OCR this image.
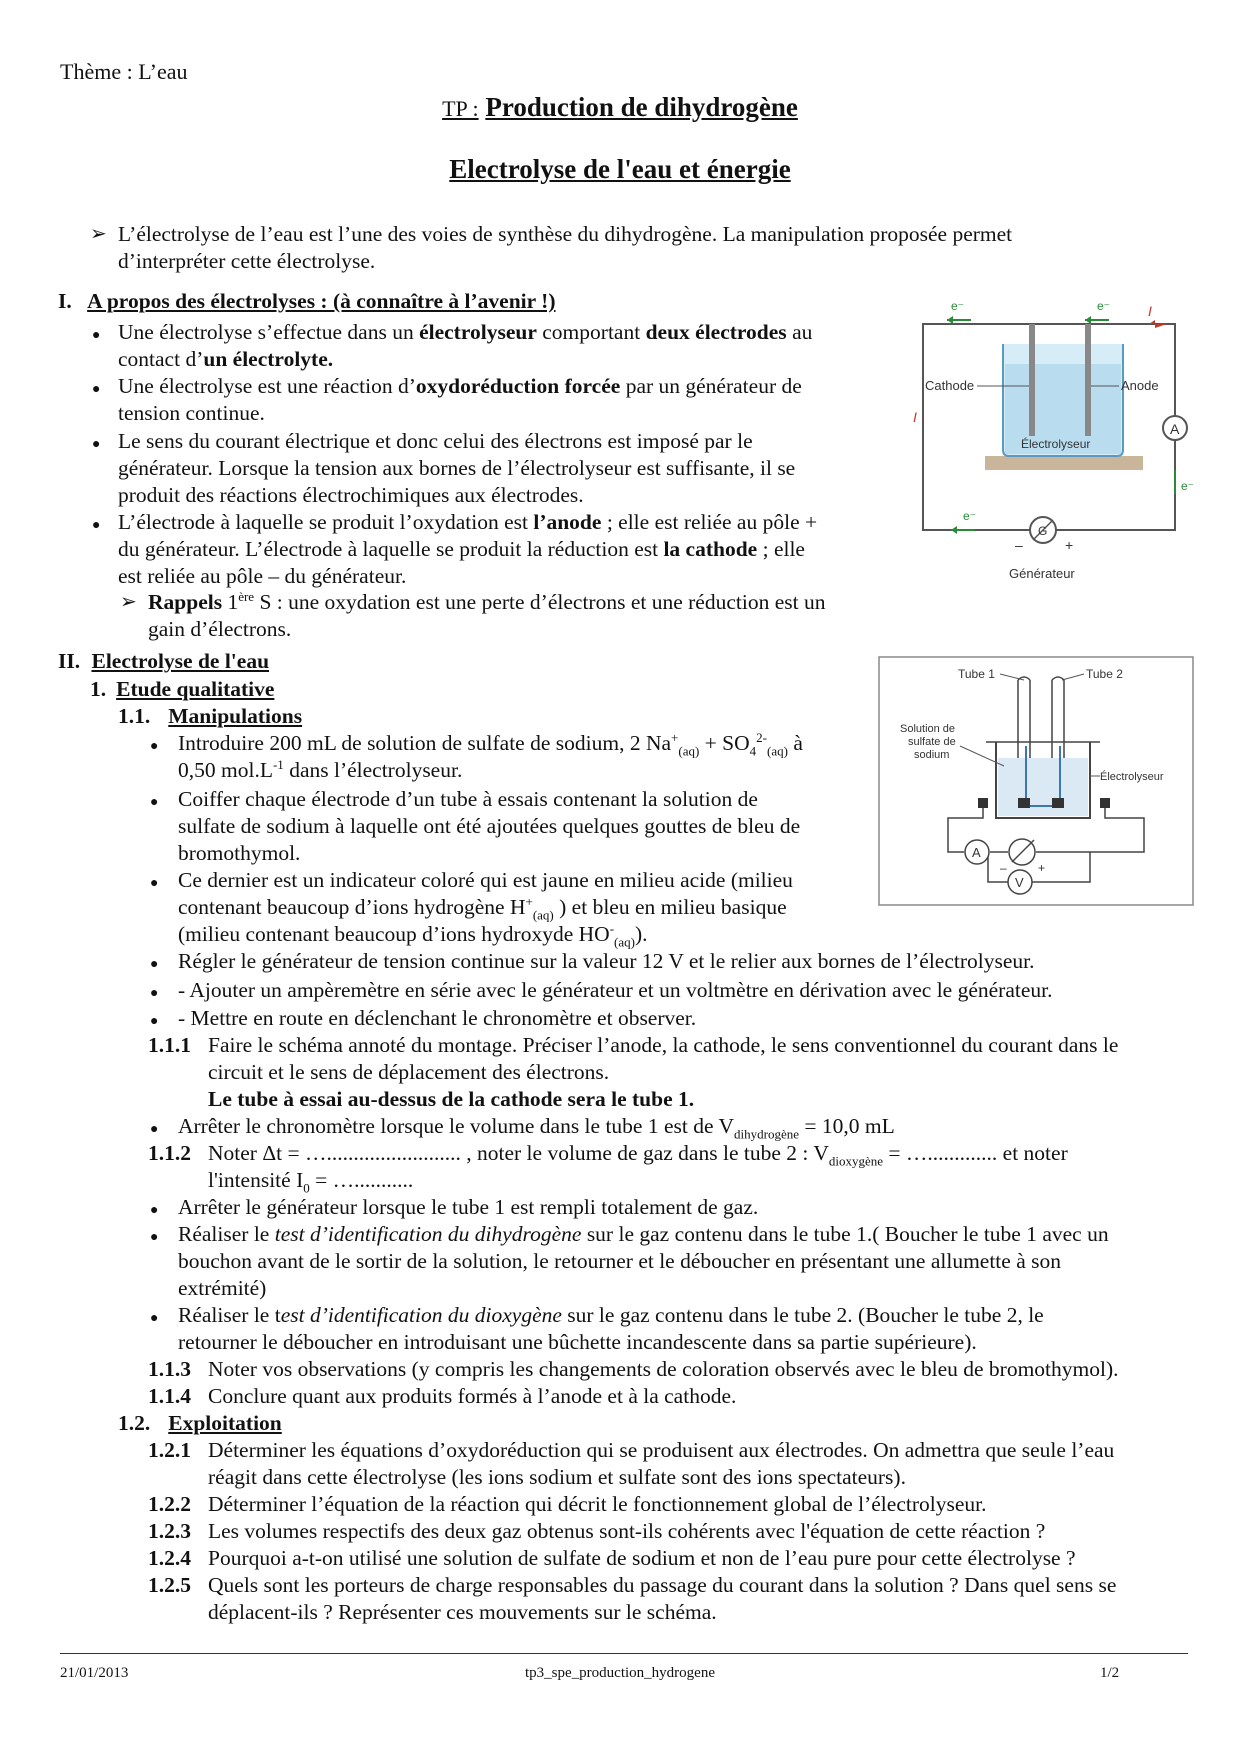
Thème : L’eau
TP : Production de dihydrogène
Electrolyse de l'eau et énergie
➢ L’électrolyse de l’eau est l’une des voies de synthèse du dihydrogène. La manipulation proposée permet
d’interpréter cette électrolyse.
I. A propos des électrolyses : (à connaître à l’avenir !)
● Une électrolyse s’effectue dans un électrolyseur comportant deux électrodes au
contact d’un électrolyte.
● Une électrolyse est une réaction d’oxydoréduction forcée par un générateur de
tension continue.
● Le sens du courant électrique et donc celui des électrons est imposé par le
générateur. Lorsque la tension aux bornes de l’électrolyseur est suffisante, il se
produit des réactions électrochimiques aux électrodes.
● L’électrode à laquelle se produit l’oxydation est l’anode ; elle est reliée au pôle +
du générateur. L’électrode à laquelle se produit la réduction est la cathode ; elle
est reliée au pôle – du générateur.
➢ Rappels 1ère S : une oxydation est une perte d’électrons et une réduction est un
gain d’électrons.
A
G
–	+
Générateur
Cathode	Anode
Électrolyseur
e⁻	e⁻	I
I
e⁻
e⁻
II. Electrolyse de l'eau
1. Etude qualitative
1.1. Manipulations
● Introduire 200 mL de solution de sulfate de sodium, 2 $Na^+_{(aq)} + SO_4^{2-}_{(aq)}$ à
0,50 $mol.L^{-1}$ dans l’électrolyseur.
● Coiffer chaque électrode d’un tube à essais contenant la solution de
sulfate de sodium à laquelle ont été ajoutées quelques gouttes de bleu de
bromothymol.
● Ce dernier est un indicateur coloré qui est jaune en milieu acide (milieu
contenant beaucoup d’ions hydrogène $H^+_{(aq)}$ ) et bleu en milieu basique
(milieu contenant beaucoup d’ions hydroxyde $HO^-_{(aq)}$).
● Régler le générateur de tension continue sur la valeur 12 V et le relier aux bornes de l’électrolyseur.
● - Ajouter un ampèremètre en série avec le générateur et un voltmètre en dérivation avec le générateur.
● - Mettre en route en déclenchant le chronomètre et observer.
1.1.1 Faire le schéma annoté du montage. Préciser l’anode, la cathode, le sens conventionnel du courant dans le
circuit et le sens de déplacement des électrons.
Le tube à essai au-dessus de la cathode sera le tube 1.
● Arrêter le chronomètre lorsque le volume dans le tube 1 est de $V_{dihydrogène} = 10,0$ mL
1.1.2 Noter Δt = …......................... , noter le volume de gaz dans le tube 2 : $V_{dioxygène}$ = …............. et noter
l'intensité $I_0$ = …...........
● Arrêter le générateur lorsque le tube 1 est rempli totalement de gaz.
● Réaliser le test d’identification du dihydrogène sur le gaz contenu dans le tube 1.( Boucher le tube 1 avec un
bouchon avant de le sortir de la solution, le retourner et le déboucher en présentant une allumette à son
extrémité)
● Réaliser le test d’identification du dioxygène sur le gaz contenu dans le tube 2. (Boucher le tube 2, le
retourner le déboucher en introduisant une bûchette incandescente dans sa partie supérieure).
1.1.3 Noter vos observations (y compris les changements de coloration observés avec le bleu de bromothymol).
1.1.4 Conclure quant aux produits formés à l’anode et à la cathode.
1.2. Exploitation
1.2.1 Déterminer les équations d’oxydoréduction qui se produisent aux électrodes. On admettra que seule l’eau
réagit dans cette électrolyse (les ions sodium et sulfate sont des ions spectateurs).
1.2.2 Déterminer l’équation de la réaction qui décrit le fonctionnement global de l’électrolyseur.
1.2.3 Les volumes respectifs des deux gaz obtenus sont-ils cohérents avec l'équation de cette réaction ?
1.2.4 Pourquoi a-t-on utilisé une solution de sulfate de sodium et non de l’eau pure pour cette électrolyse ?
1.2.5 Quels sont les porteurs de charge responsables du passage du courant dans la solution ? Dans quel sens se
déplacent-ils ? Représenter ces mouvements sur le schéma.
Tube 1	Tube 2
Solution de
sulfate de
sodium
Électrolyseur
A
–	+
V
21/01/2013	tp3_spe_production_hydrogene	1/2
